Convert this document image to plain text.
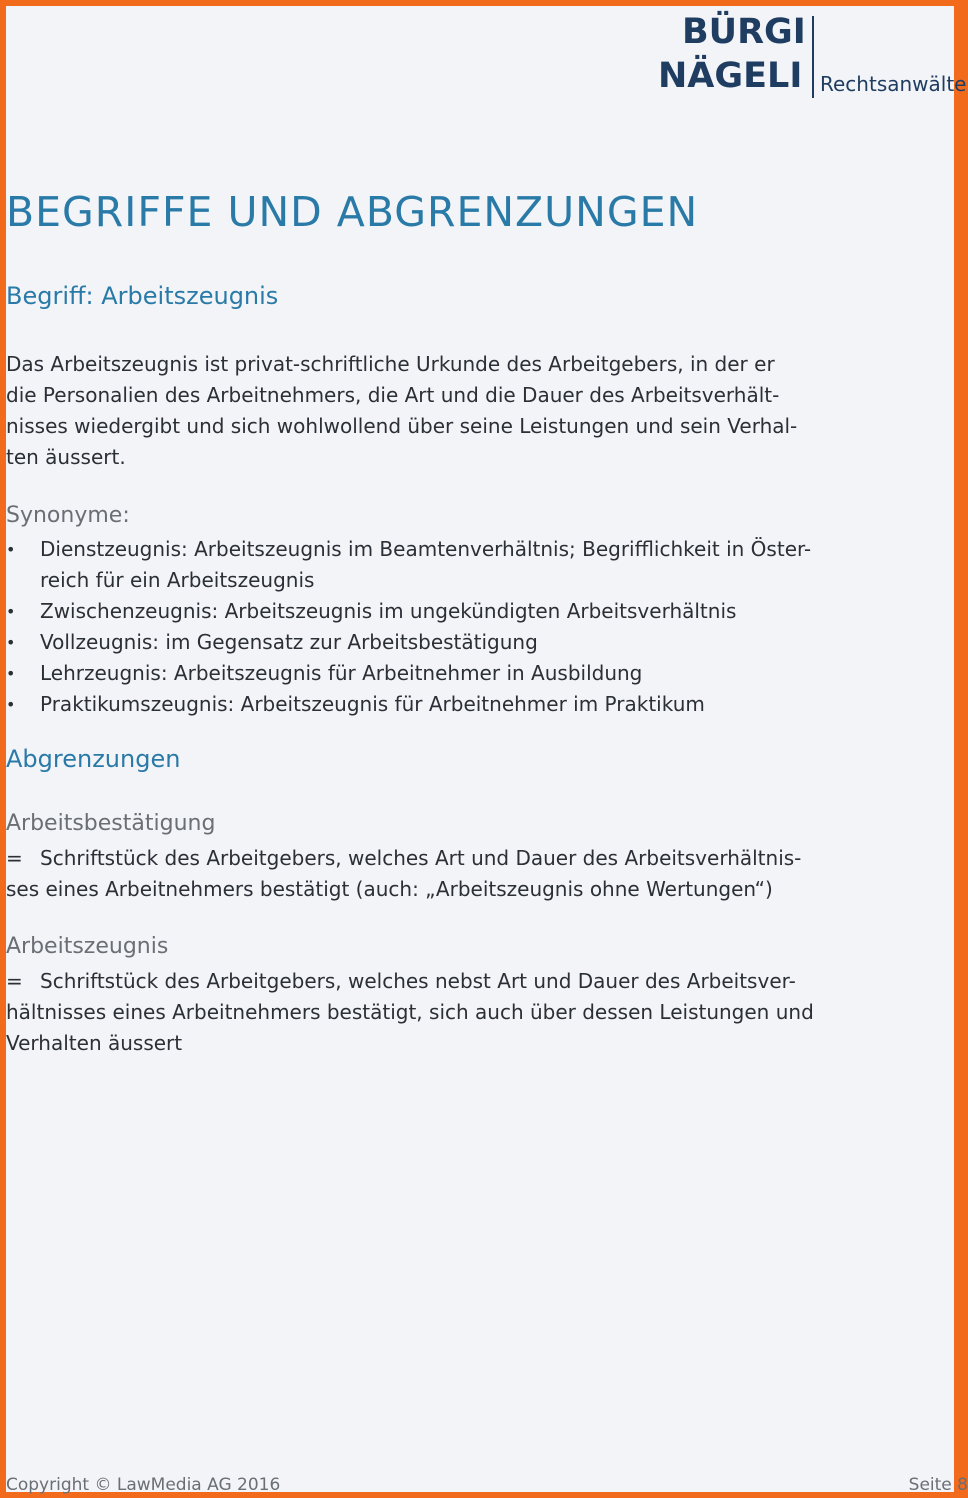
BÜRGI
NÄGELI Rechtsanwälte
BEGRIFFE UND ABGRENZUNGEN
Begriff: Arbeitszeugnis
Das Arbeitszeugnis ist privat-schriftliche Urkunde des Arbeitgebers, in der er
die Personalien des Arbeitnehmers, die Art und die Dauer des Arbeitsverhält-
nisses wiedergibt und sich wohlwollend über seine Leistungen und sein Verhal-
ten äussert.
Synonyme:
• Dienstzeugnis: Arbeitszeugnis im Beamtenverhältnis; Begrifflichkeit in Öster-
reich für ein Arbeitszeugnis
• Zwischenzeugnis: Arbeitszeugnis im ungekündigten Arbeitsverhältnis
• Vollzeugnis: im Gegensatz zur Arbeitsbestätigung
• Lehrzeugnis: Arbeitszeugnis für Arbeitnehmer in Ausbildung
• Praktikumszeugnis: Arbeitszeugnis für Arbeitnehmer im Praktikum
Abgrenzungen
Arbeitsbestätigung
= Schriftstück des Arbeitgebers, welches Art und Dauer des Arbeitsverhältnis-
ses eines Arbeitnehmers bestätigt (auch: „Arbeitszeugnis ohne Wertungen“)
Arbeitszeugnis
= Schriftstück des Arbeitgebers, welches nebst Art und Dauer des Arbeitsver-
hältnisses eines Arbeitnehmers bestätigt, sich auch über dessen Leistungen und
Verhalten äussert
Copyright © LawMedia AG 2016	Seite 8
